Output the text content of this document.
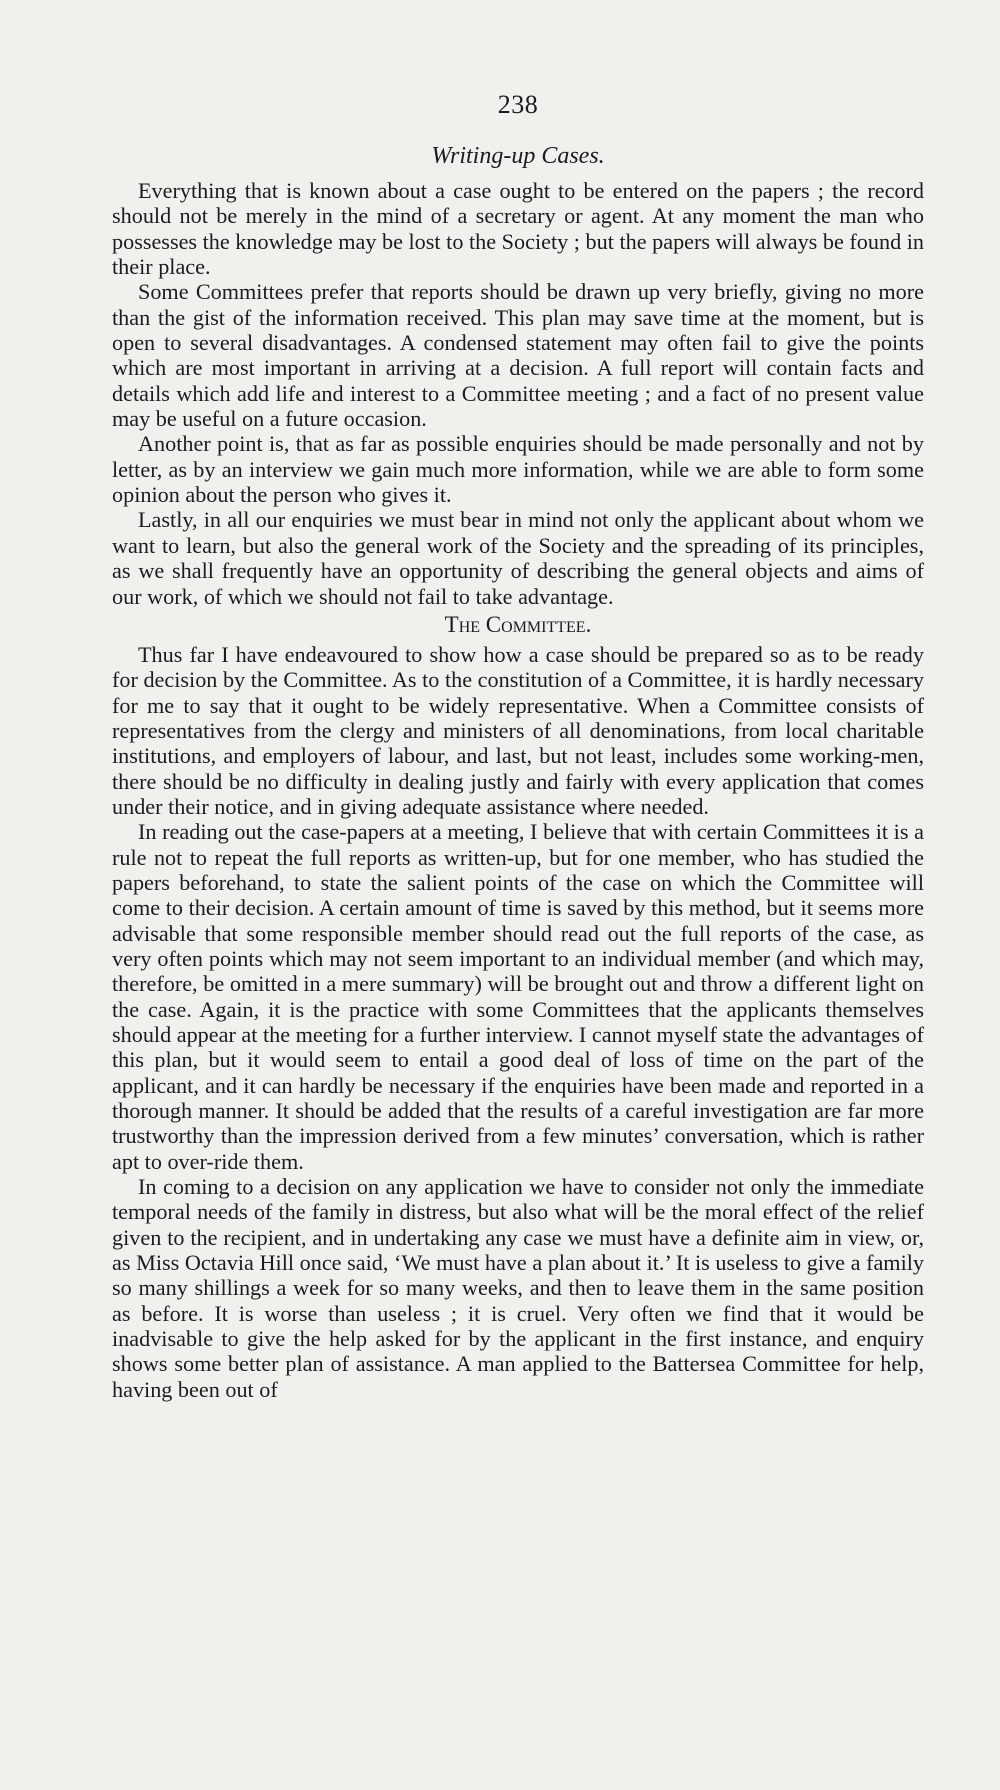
238
Writing-up Cases.

Everything that is known about a case ought to be entered on the papers ; the record should not be merely in the mind of a secretary or agent. At any moment the man who possesses the knowledge may be lost to the Society ; but the papers will always be found in their place.

Some Committees prefer that reports should be drawn up very briefly, giving no more than the gist of the information received. This plan may save time at the moment, but is open to several disadvantages. A condensed statement may often fail to give the points which are most important in arriving at a decision. A full report will contain facts and details which add life and interest to a Committee meeting ; and a fact of no present value may be useful on a future occasion.

Another point is, that as far as possible enquiries should be made personally and not by letter, as by an interview we gain much more information, while we are able to form some opinion about the person who gives it.

Lastly, in all our enquiries we must bear in mind not only the applicant about whom we want to learn, but also the general work of the Society and the spreading of its principles, as we shall frequently have an opportunity of describing the general objects and aims of our work, of which we should not fail to take advantage.

The Committee.

Thus far I have endeavoured to show how a case should be prepared so as to be ready for decision by the Committee. As to the constitution of a Committee, it is hardly necessary for me to say that it ought to be widely representative. When a Committee consists of representatives from the clergy and ministers of all denominations, from local charitable institutions, and employers of labour, and last, but not least, includes some working-men, there should be no difficulty in dealing justly and fairly with every application that comes under their notice, and in giving adequate assistance where needed.

In reading out the case-papers at a meeting, I believe that with certain Committees it is a rule not to repeat the full reports as written-up, but for one member, who has studied the papers beforehand, to state the salient points of the case on which the Committee will come to their decision. A certain amount of time is saved by this method, but it seems more advisable that some responsible member should read out the full reports of the case, as very often points which may not seem important to an individual member (and which may, therefore, be omitted in a mere summary) will be brought out and throw a different light on the case. Again, it is the practice with some Committees that the applicants themselves should appear at the meeting for a further interview. I cannot myself state the advantages of this plan, but it would seem to entail a good deal of loss of time on the part of the applicant, and it can hardly be necessary if the enquiries have been made and reported in a thorough manner. It should be added that the results of a careful investigation are far more trustworthy than the impression derived from a few minutes’ conversation, which is rather apt to over-ride them.

In coming to a decision on any application we have to consider not only the immediate temporal needs of the family in distress, but also what will be the moral effect of the relief given to the recipient, and in undertaking any case we must have a definite aim in view, or, as Miss Octavia Hill once said, ‘We must have a plan about it.’ It is useless to give a family so many shillings a week for so many weeks, and then to leave them in the same position as before. It is worse than useless ; it is cruel. Very often we find that it would be inadvisable to give the help asked for by the applicant in the first instance, and enquiry shows some better plan of assistance. A man applied to the Battersea Committee for help, having been out of
